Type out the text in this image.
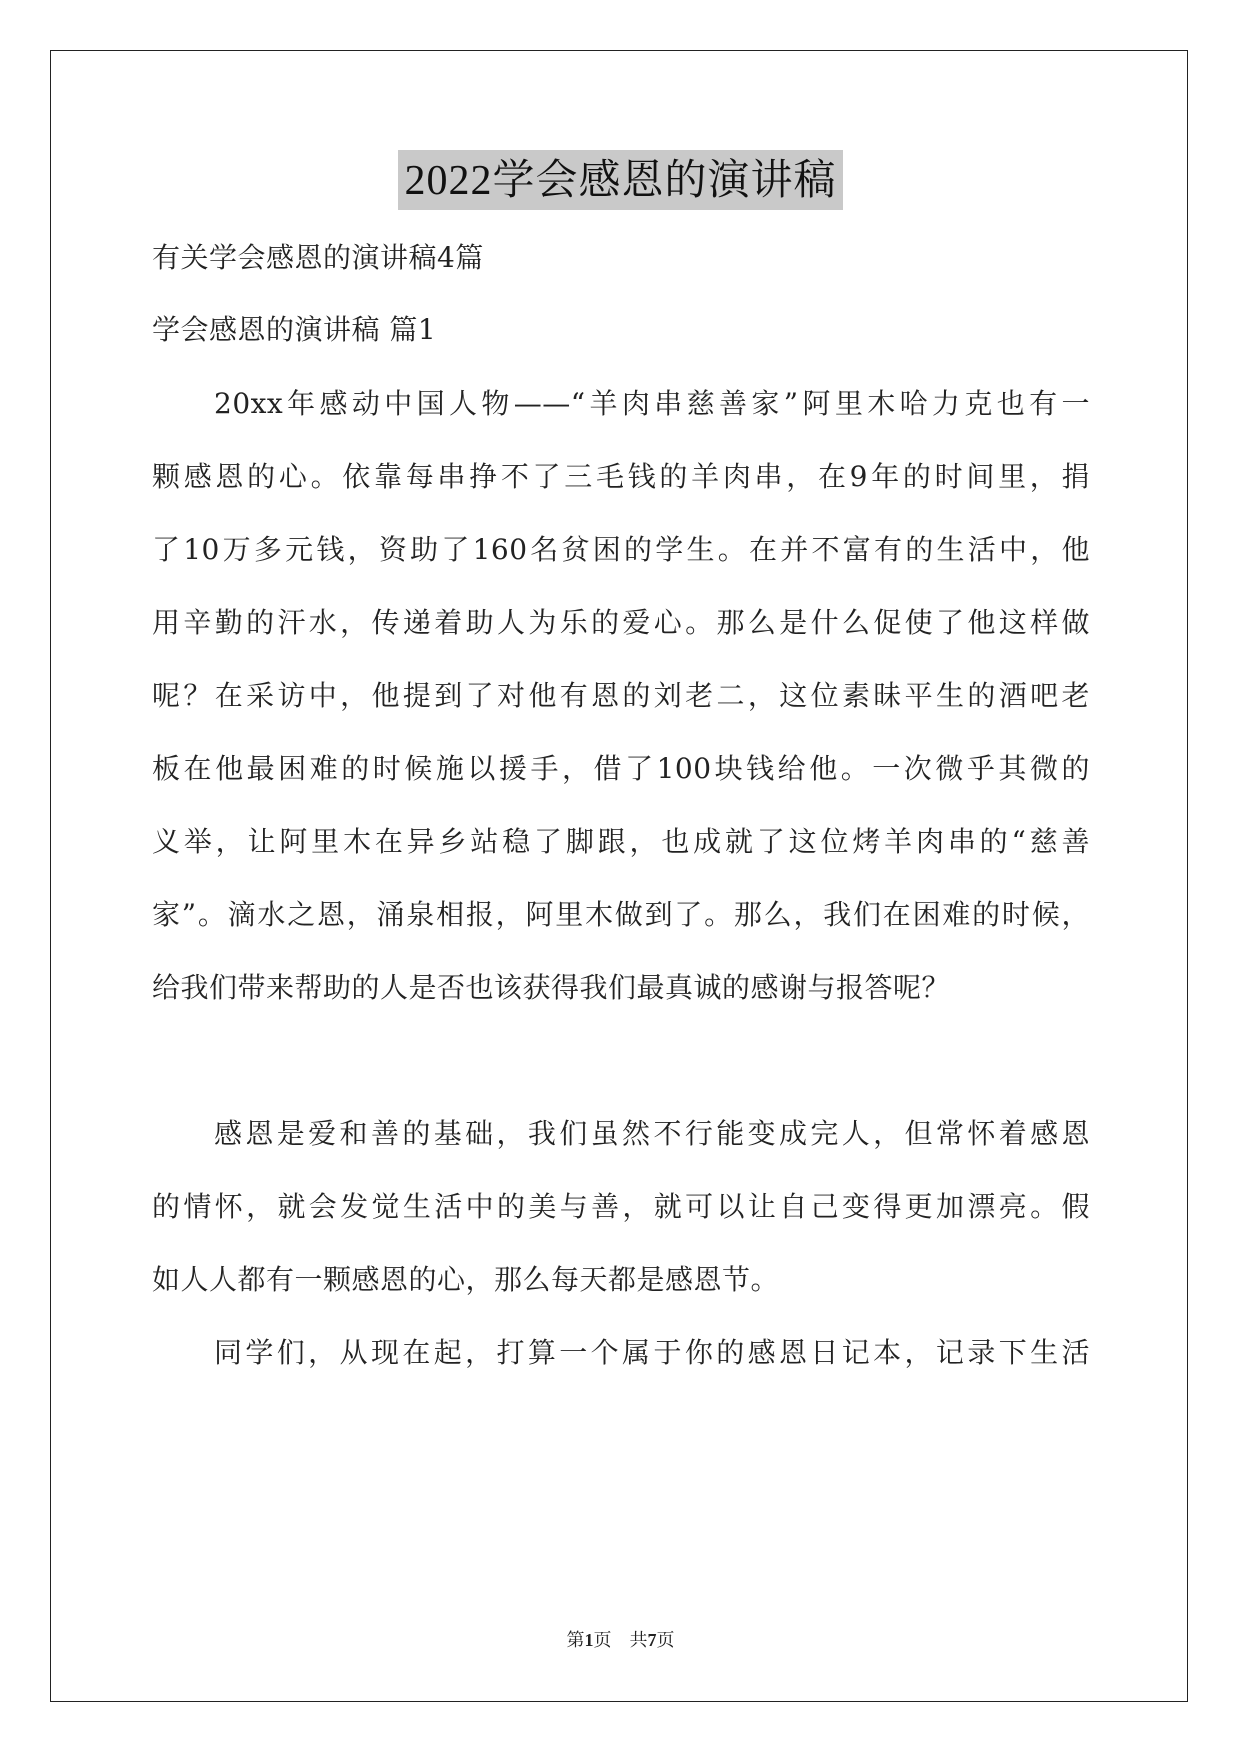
2022学会感恩的演讲稿
有关学会感恩的演讲稿4篇
学会感恩的演讲稿 篇1
20xx年感动中国人物——“羊肉串慈善家”阿里木哈力克也有一
颗感恩的心。依靠每串挣不了三毛钱的羊肉串，在9年的时间里，捐
了10万多元钱，资助了160名贫困的学生。在并不富有的生活中，他
用辛勤的汗水，传递着助人为乐的爱心。那么是什么促使了他这样做
呢？在采访中，他提到了对他有恩的刘老二，这位素昧平生的酒吧老
板在他最困难的时候施以援手，借了100块钱给他。一次微乎其微的
义举，让阿里木在异乡站稳了脚跟，也成就了这位烤羊肉串的“慈善
家”。滴水之恩，涌泉相报，阿里木做到了。那么，我们在困难的时候，
给我们带来帮助的人是否也该获得我们最真诚的感谢与报答呢？
感恩是爱和善的基础，我们虽然不行能变成完人，但常怀着感恩
的情怀，就会发觉生活中的美与善，就可以让自己变得更加漂亮。假
如人人都有一颗感恩的心，那么每天都是感恩节。
同学们，从现在起，打算一个属于你的感恩日记本，记录下生活
第1页　共7页
